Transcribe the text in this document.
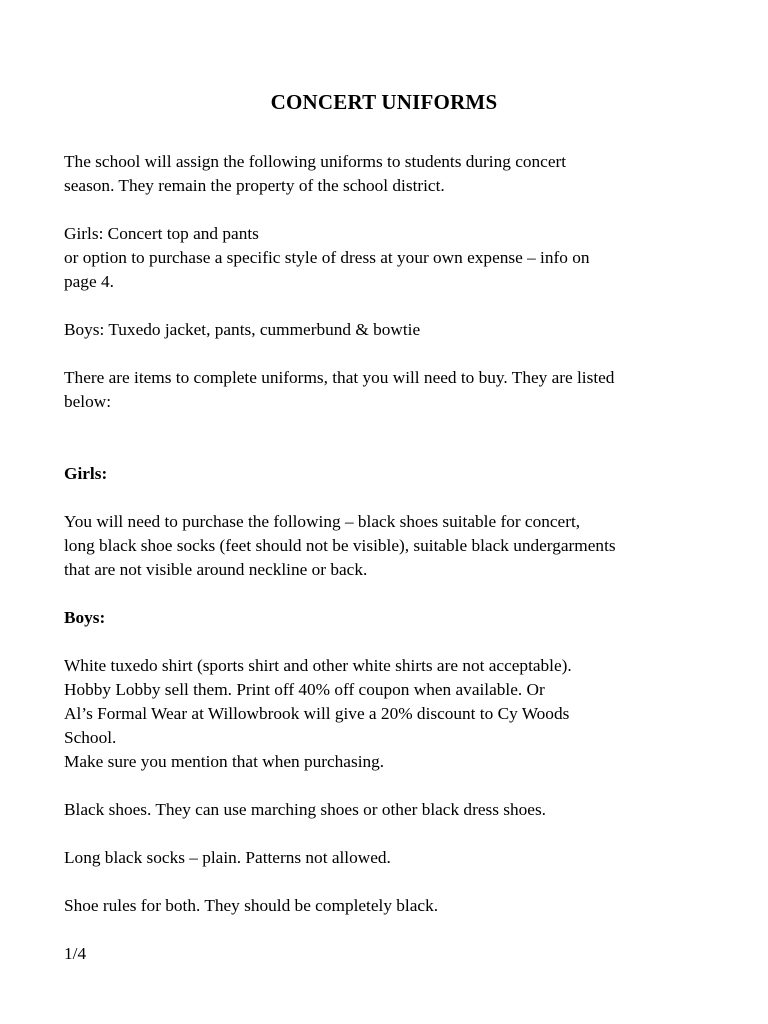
CONCERT UNIFORMS

The school will assign the following uniforms to students during concert
season. They remain the property of the school district.

Girls: Concert top and pants
or option to purchase a specific style of dress at your own expense – info on
page 4.

Boys: Tuxedo jacket, pants, cummerbund & bowtie

There are items to complete uniforms, that you will need to buy. They are listed
below:

Girls:

You will need to purchase the following – black shoes suitable for concert,
long black shoe socks (feet should not be visible), suitable black undergarments
that are not visible around neckline or back.

Boys:

White tuxedo shirt (sports shirt and other white shirts are not acceptable).
Hobby Lobby sell them. Print off 40% off coupon when available. Or
Al’s Formal Wear at Willowbrook will give a 20% discount to Cy Woods
School.
Make sure you mention that when purchasing.

Black shoes. They can use marching shoes or other black dress shoes.

Long black socks – plain. Patterns not allowed.

Shoe rules for both. They should be completely black.

1/4
